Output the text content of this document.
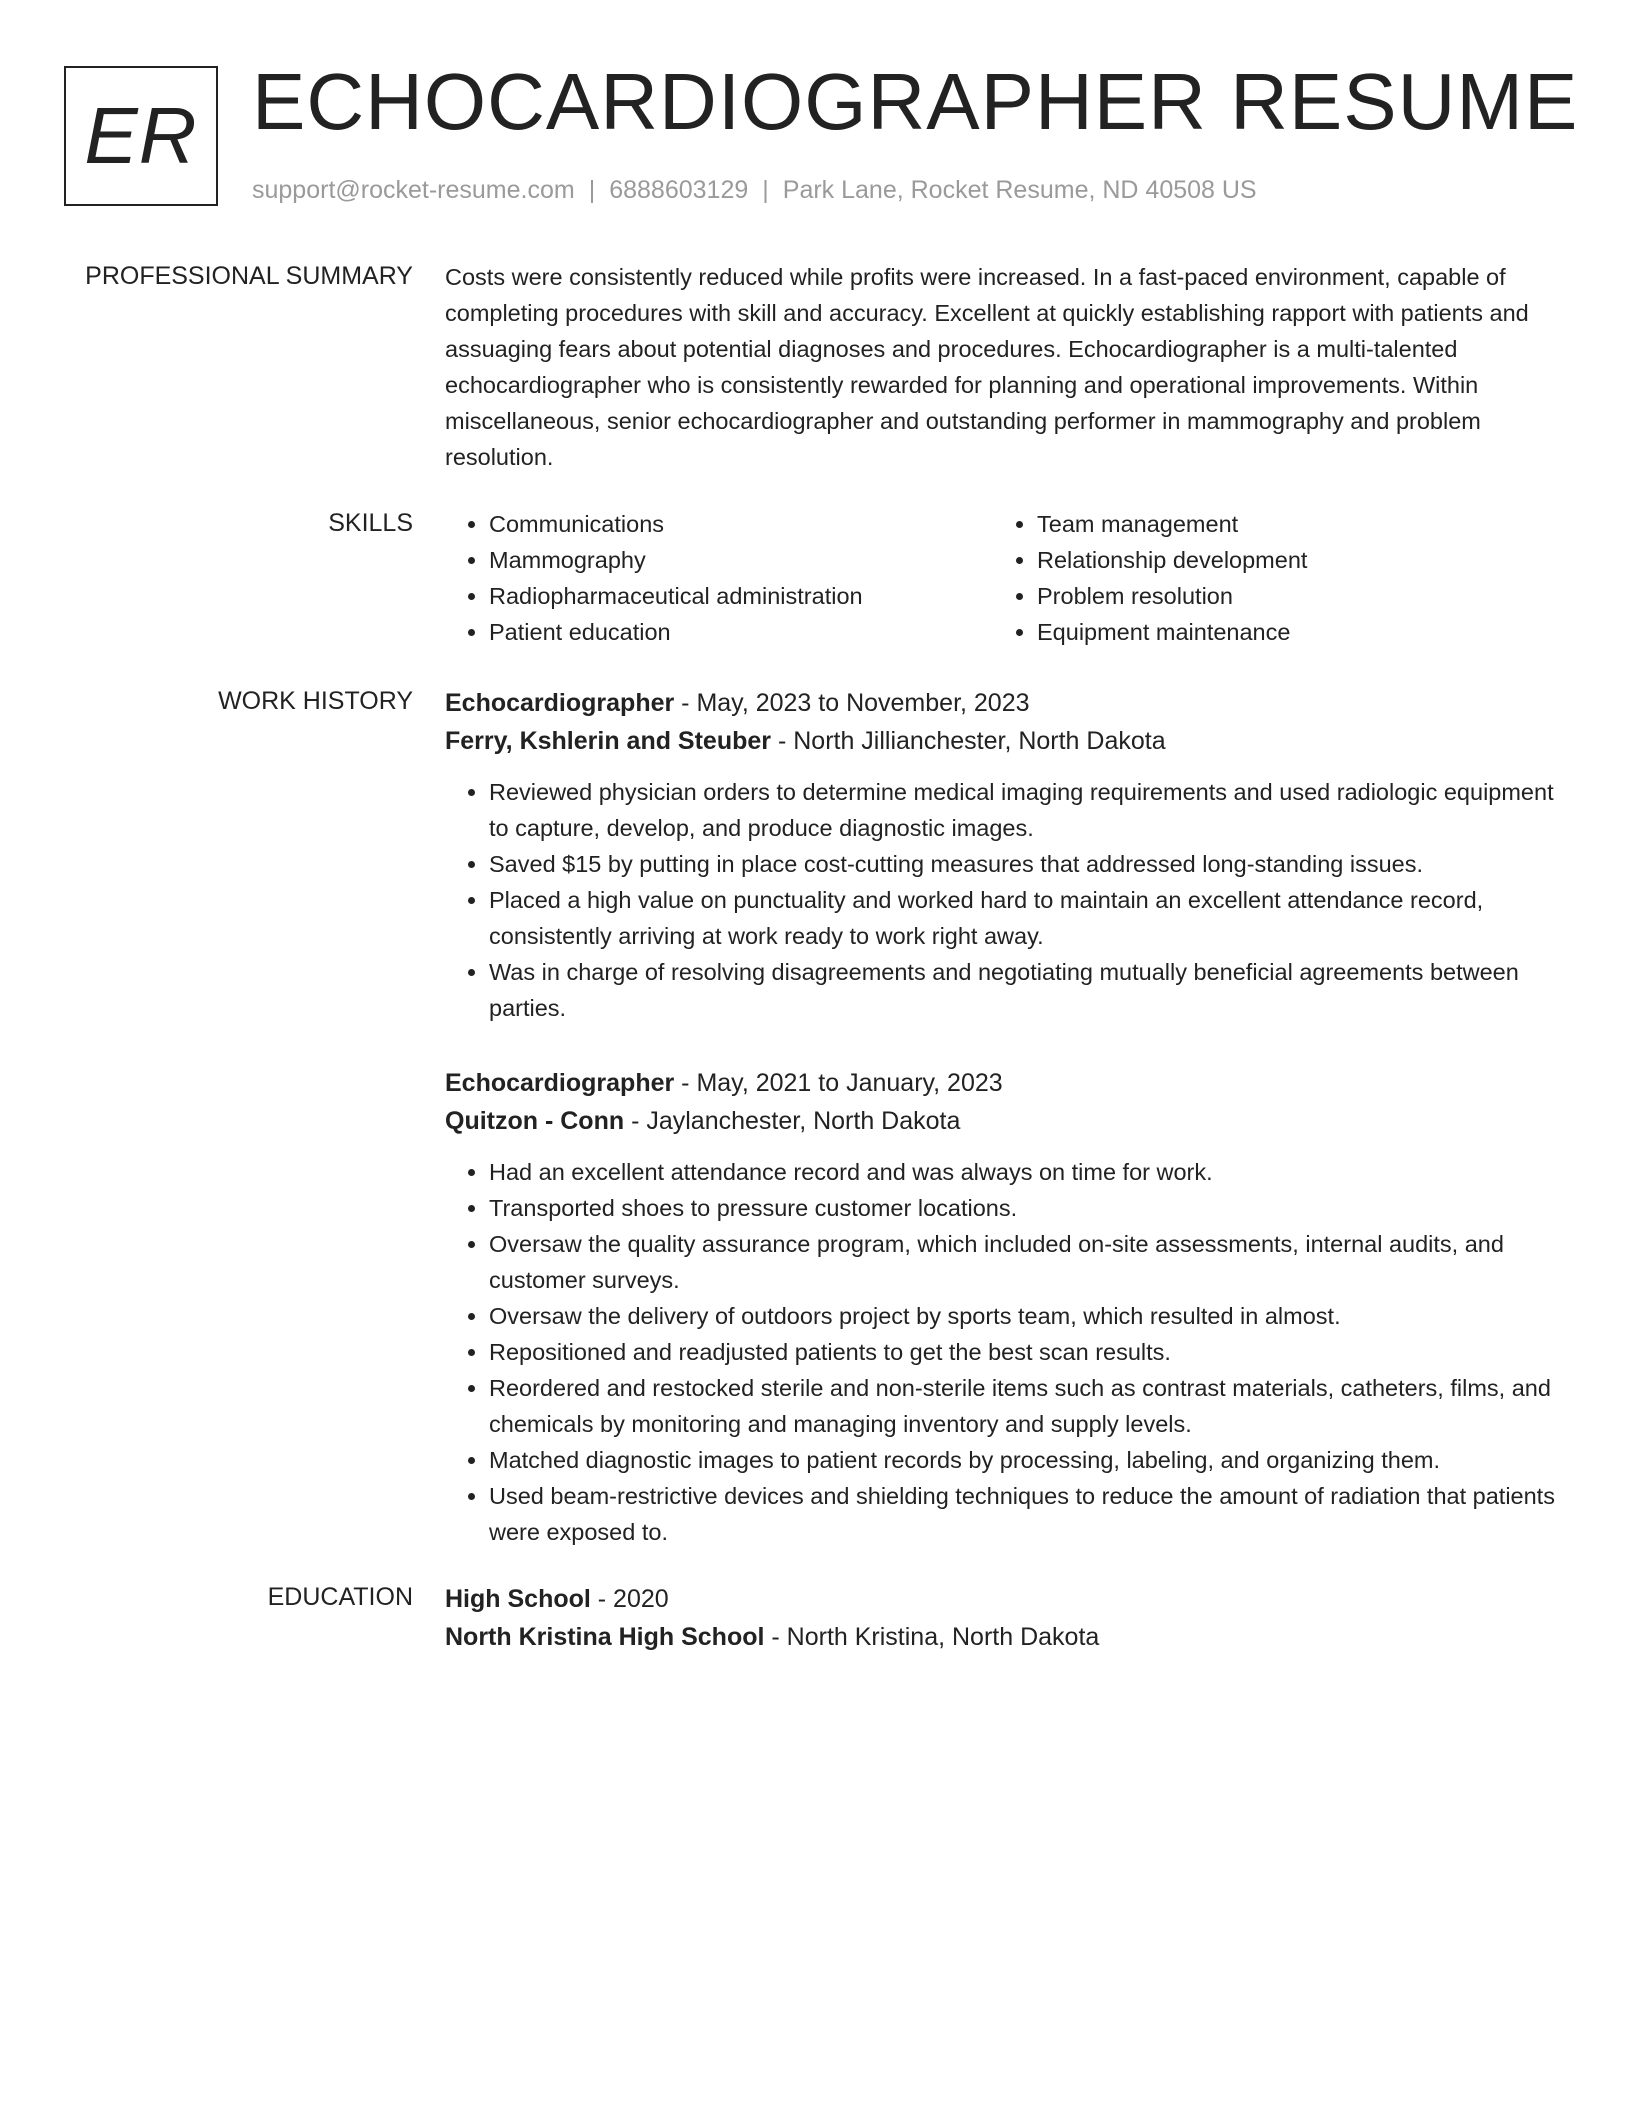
ER ECHOCARDIOGRAPHER RESUME
support@rocket-resume.com | 6888603129 | Park Lane, Rocket Resume, ND 40508 US
PROFESSIONAL SUMMARY Costs were consistently reduced while profits were increased. In a fast-paced environment, capable of completing procedures with skill and accuracy. Excellent at quickly establishing rapport with patients and assuaging fears about potential diagnoses and procedures. Echocardiographer is a multi-talented echocardiographer who is consistently rewarded for planning and operational improvements. Within miscellaneous, senior echocardiographer and outstanding performer in mammography and problem resolution.

SKILLS
•	Communications
• Mammography
• Radiopharmaceutical administration
• Patient education
• Team management
• Relationship development
• Problem resolution
• Equipment maintenance
WORK HISTORY Echocardiographer - May, 2023 to November, 2023
Ferry, Kshlerin and Steuber - North Jillianchester, North Dakota
• Reviewed physician orders to determine medical imaging requirements and used radiologic equipment to capture, develop, and produce diagnostic images.
• Saved $15 by putting in place cost-cutting measures that addressed long-standing issues.
• Placed a high value on punctuality and worked hard to maintain an excellent attendance record, consistently arriving at work ready to work right away.
• Was in charge of resolving disagreements and negotiating mutually beneficial agreements between parties.
Echocardiographer - May, 2021 to January, 2023
Quitzon - Conn - Jaylanchester, North Dakota
• Had an excellent attendance record and was always on time for work.
• Transported shoes to pressure customer locations.
• Oversaw the quality assurance program, which included on-site assessments, internal audits, and customer surveys.
• Oversaw the delivery of outdoors project by sports team, which resulted in almost.
• Repositioned and readjusted patients to get the best scan results.
• Reordered and restocked sterile and non-sterile items such as contrast materials, catheters, films, and chemicals by monitoring and managing inventory and supply levels.
• Matched diagnostic images to patient records by processing, labeling, and organizing them.
• Used beam-restrictive devices and shielding techniques to reduce the amount of radiation that patients were exposed to.
EDUCATION High School - 2020
North Kristina High School - North Kristina, North Dakota
